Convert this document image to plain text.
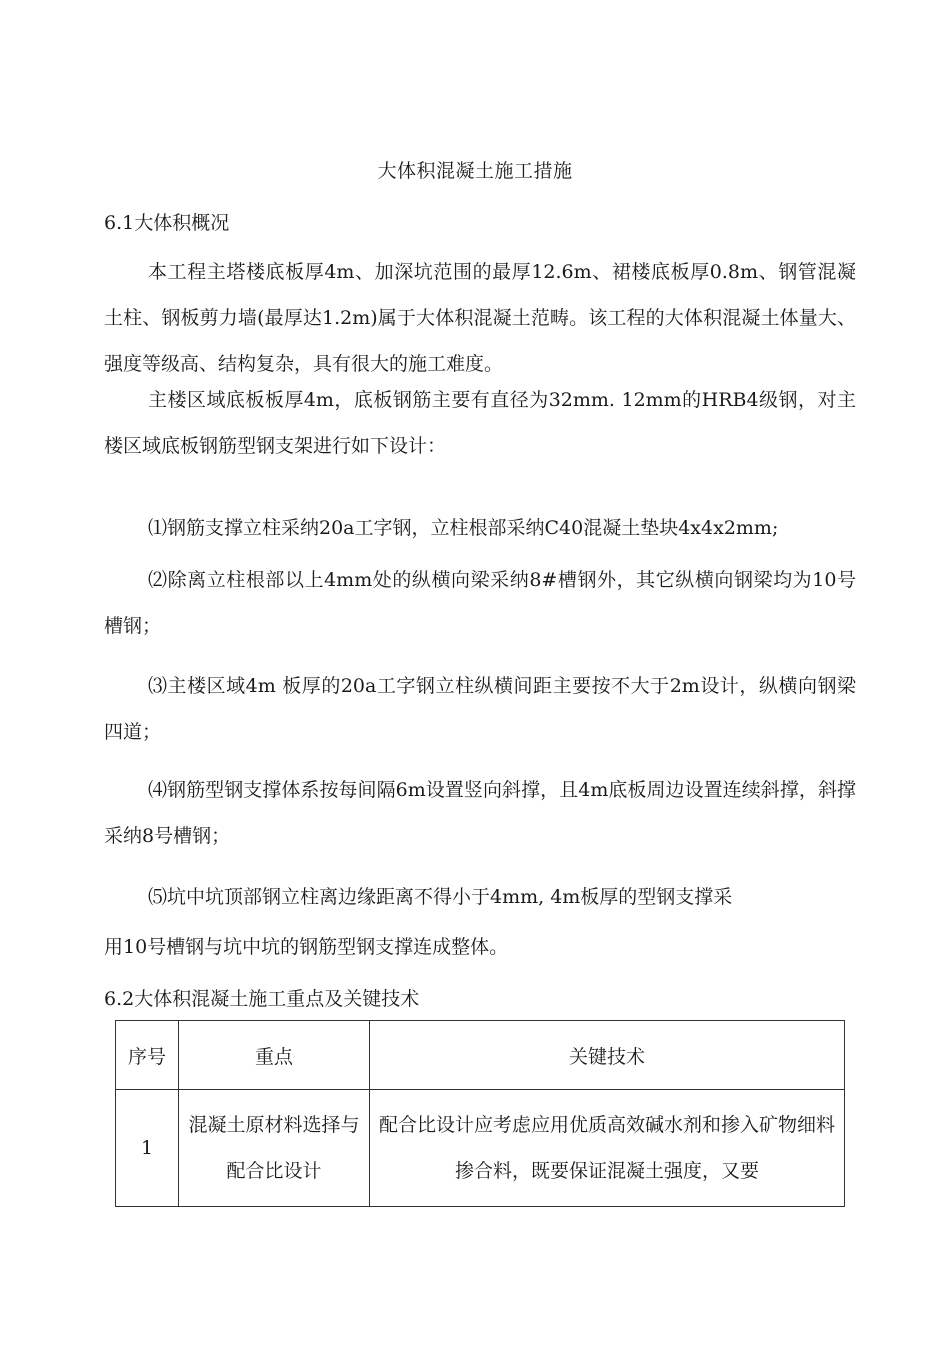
大体积混凝土施工措施
6.1大体积概况
本工程主塔楼底板厚4m、加深坑范围的最厚12.6m、裙楼底板厚0.8m、钢管混凝土柱、钢板剪力墙(最厚达1.2m)属于大体积混凝土范畴。该工程的大体积混凝土体量大、强度等级高、结构复杂，具有很大的施工难度。
主楼区域底板板厚4m，底板钢筋主要有直径为32mm. 12mm的HRB4级钢，对主楼区域底板钢筋型钢支架进行如下设计：
⑴钢筋支撑立柱采纳20a工字钢，立柱根部采纳C40混凝土垫块4x4x2mm;
⑵除离立柱根部以上4mm处的纵横向梁采纳8#槽钢外，其它纵横向钢梁均为10号槽钢；
⑶主楼区域4m 板厚的20a工字钢立柱纵横间距主要按不大于2m设计，纵横向钢梁四道；
⑷钢筋型钢支撑体系按每间隔6m设置竖向斜撑，且4m底板周边设置连续斜撑，斜撑采纳8号槽钢；
⑸坑中坑顶部钢立柱离边缘距离不得小于4mm, 4m板厚的型钢支撑采
用10号槽钢与坑中坑的钢筋型钢支撑连成整体。
6.2大体积混凝土施工重点及关键技术
序号	重点	关键技术
1	混凝土原材料选择与配合比设计	配合比设计应考虑应用优质高效碱水剂和掺入矿物细料掺合料，既要保证混凝土强度，又要
